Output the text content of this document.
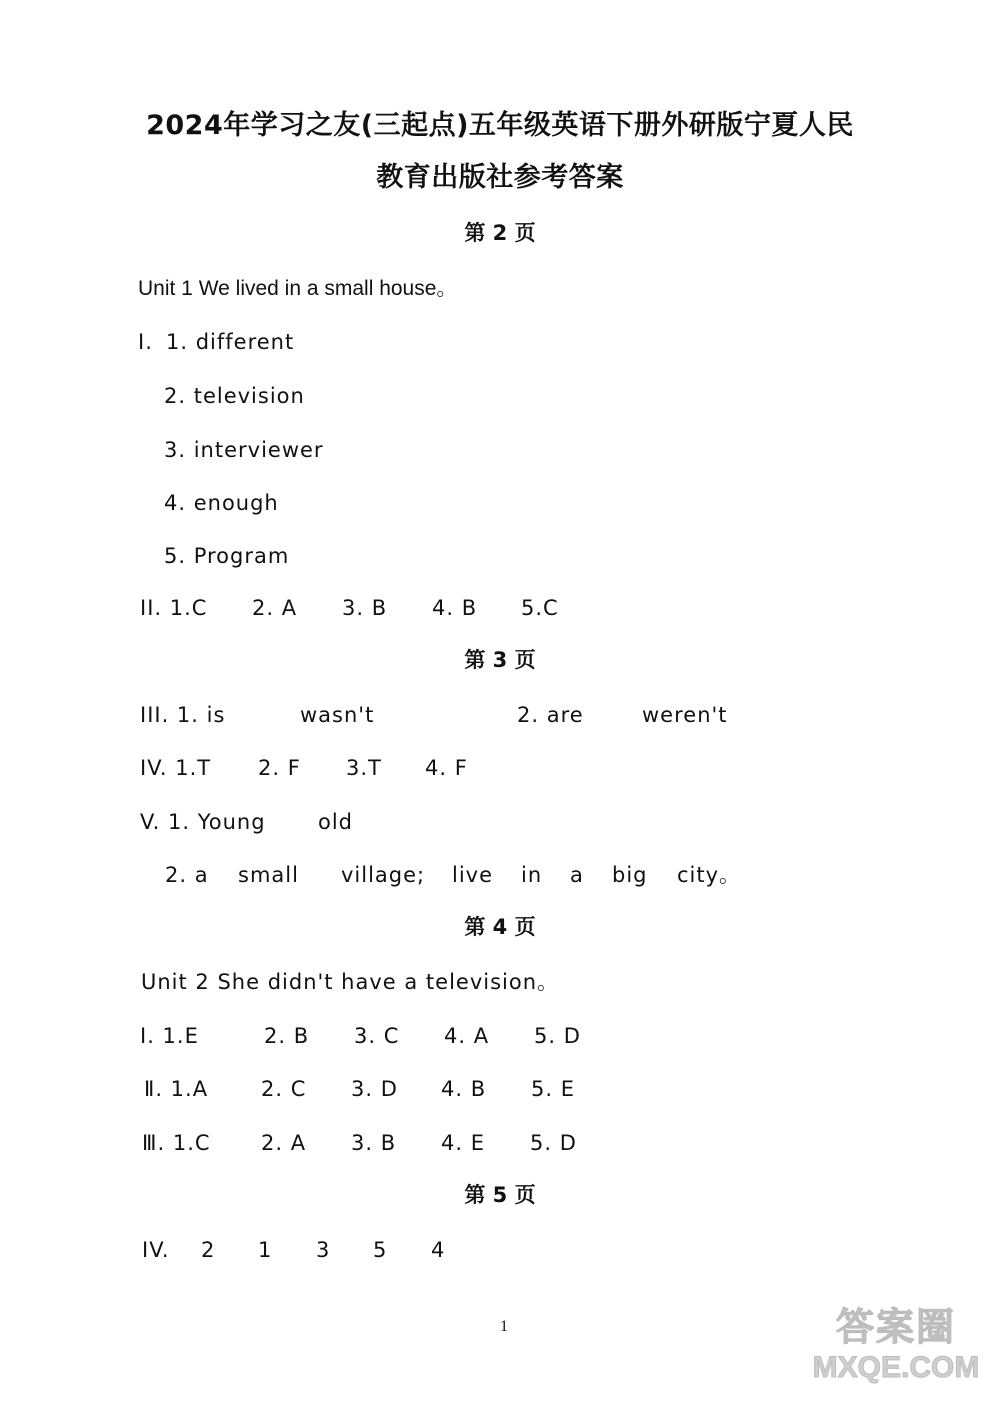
2024年学习之友(三起点)五年级英语下册外研版宁夏人民
教育出版社参考答案
第 2 页
Unit 1 We lived in a small house。
I. 1. different
2. television
3. interviewer
4. enough
5. Program
II. 1.C 2. A 3. B 4. B 5.C
第 3 页
III. 1. is	wasn't	2. are	weren't
IV. 1.T 2. F 3.T 4. F
V. 1. Young old
2. a small village; live in a big city。
第 4 页
Unit 2 She didn't have a television。
I. 1.E	2. B 3. C 4. A 5. D
Ⅱ. 1.A	2. C 3. D 4. B 5. E
Ⅲ. 1.C 2. A 3. B 4. E 5. D
第 5 页
IV. 2 1 3 5 4
1	答案圈
MXQE.COM
